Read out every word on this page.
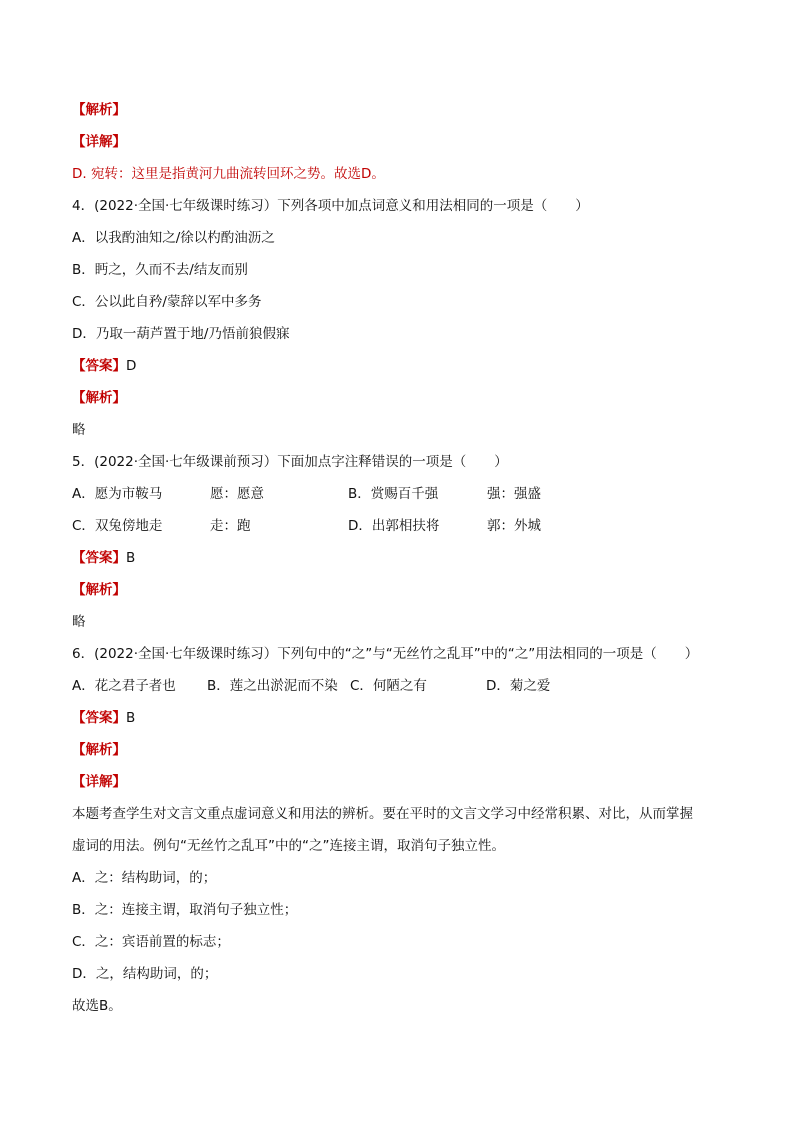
【解析】
【详解】
D. 宛转：这里是指黄河九曲流转回环之势。故选D。
4．(2022·全国·七年级课时练习）下列各项中加点词意义和用法相同的一项是（ ）
A．以我酌油知之/徐以杓酌油沥之
B．眄之，久而不去/结友而别
C．公以此自矜/蒙辞以军中多务
D．乃取一葫芦置于地/乃悟前狼假寐
【答案】D
【解析】
略
5．(2022·全国·七年级课前预习）下面加点字注释错误的一项是（ ）
A．愿为市鞍马	愿：愿意	B．赏赐百千强	强：强盛
C．双兔傍地走	走：跑	D．出郭相扶将	郭：外城
【答案】B
【解析】
略
6．(2022·全国·七年级课时练习）下列句中的“之”与“无丝竹之乱耳”中的“之”用法相同的一项是（ ）
A．花之君子者也 B．莲之出淤泥而不染 C．何陋之有	D．菊之爱
【答案】B
【解析】
【详解】
本题考查学生对文言文重点虚词意义和用法的辨析。要在平时的文言文学习中经常积累、对比，从而掌握
虚词的用法。例句“无丝竹之乱耳”中的“之”连接主谓，取消句子独立性。
A．之：结构助词，的；
B．之：连接主谓，取消句子独立性；
C．之：宾语前置的标志；
D．之，结构助词，的；
故选B。
